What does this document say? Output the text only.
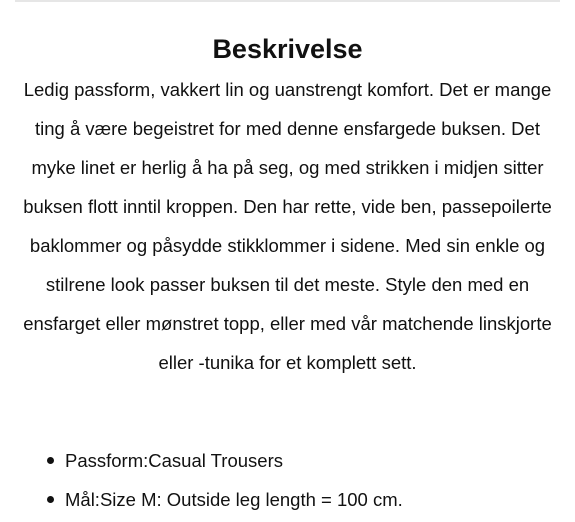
Beskrivelse

Ledig passform, vakkert lin og uanstrengt komfort. Det er mange ting å være begeistret for med denne ensfargede buksen. Det myke linet er herlig å ha på seg, og med strikken i midjen sitter buksen flott inntil kroppen. Den har rette, vide ben, passepoilerte baklommer og påsydde stikklommer i sidene. Med sin enkle og stilrene look passer buksen til det meste. Style den med en ensfarget eller mønstret topp, eller med vår matchende linskjorte eller -tunika for et komplett sett.

Passform:Casual Trousers
Mål:Size M: Outside leg length = 100 cm.
